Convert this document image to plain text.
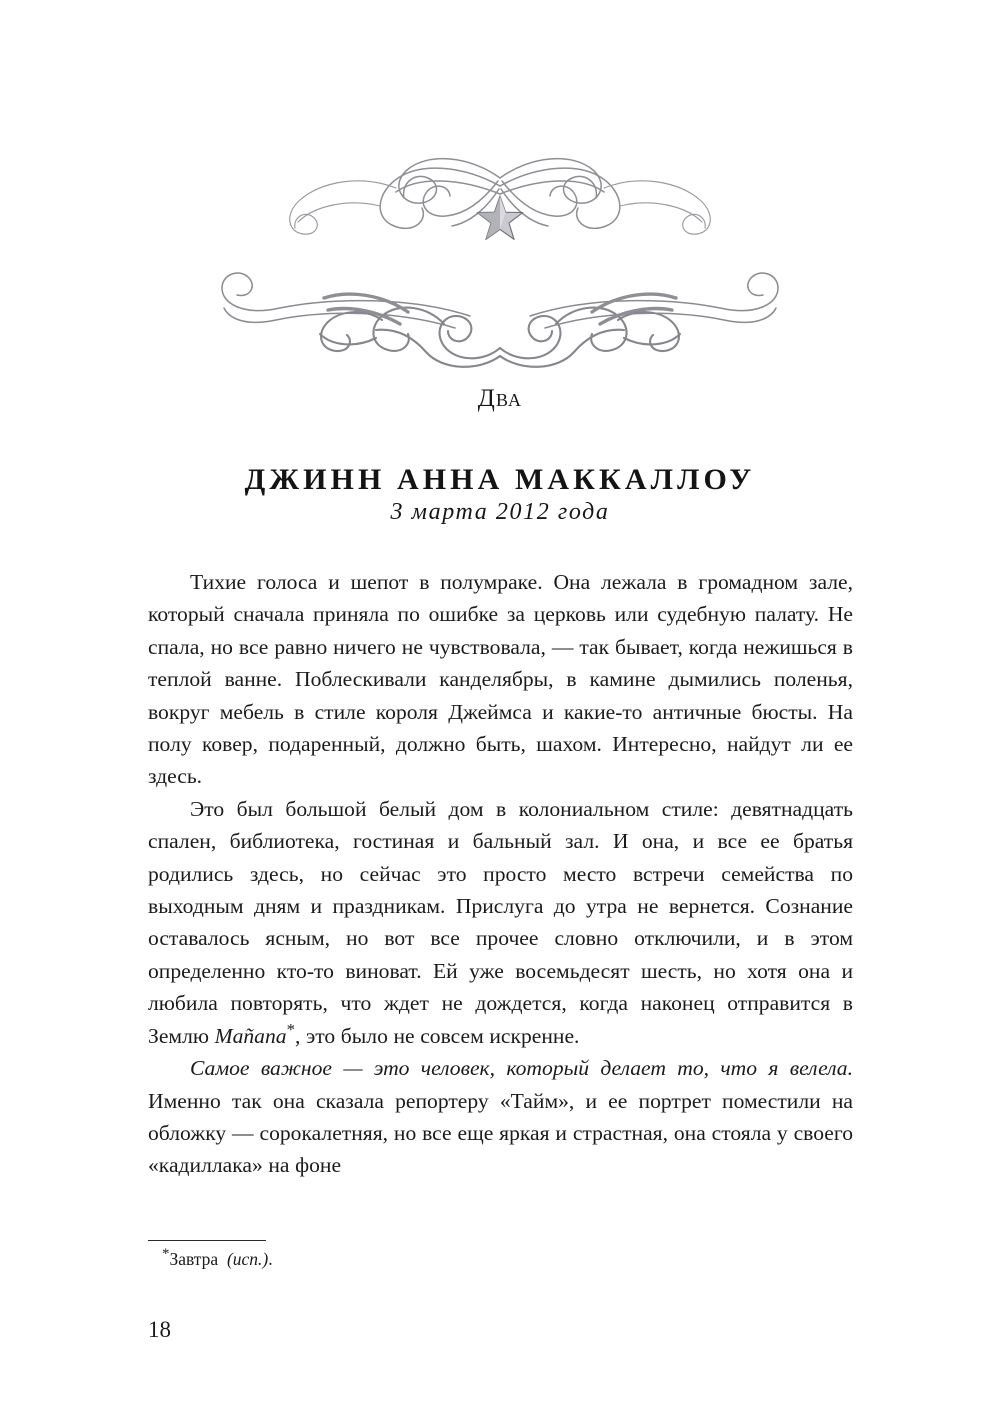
Два
ДЖИНН АННА МАККАЛЛОУ
3 марта 2012 года

Тихие голоса и шепот в полумраке. Она лежала в громадном зале, который сначала приняла по ошибке за церковь или судебную палату. Не спала, но все равно ничего не чувствовала, — так бывает, когда нежишься в теплой ванне. Поблескивали канделябры, в камине дымились поленья, вокруг мебель в стиле короля Джеймса и какие-то античные бюсты. На полу ковер, подаренный, должно быть, шахом. Интересно, найдут ли ее здесь.

Это был большой белый дом в колониальном стиле: девятнадцать спален, библиотека, гостиная и бальный зал. И она, и все ее братья родились здесь, но сейчас это просто место встречи семейства по выходным дням и праздникам. Прислуга до утра не вернется. Сознание оставалось ясным, но вот все прочее словно отключили, и в этом определенно кто-то виноват. Ей уже восемьдесят шесть, но хотя она и любила повторять, что ждет не дождется, когда наконец отправится в Землю Mañana*, это было не совсем искренне.

Самое важное — это человек, который делает то, что я велела. Именно так она сказала репортеру «Тайм», и ее портрет поместили на обложку — сорокалетняя, но все еще яркая и страстная, она стояла у своего «кадиллака» на фоне

*Завтра (исп.).

18
